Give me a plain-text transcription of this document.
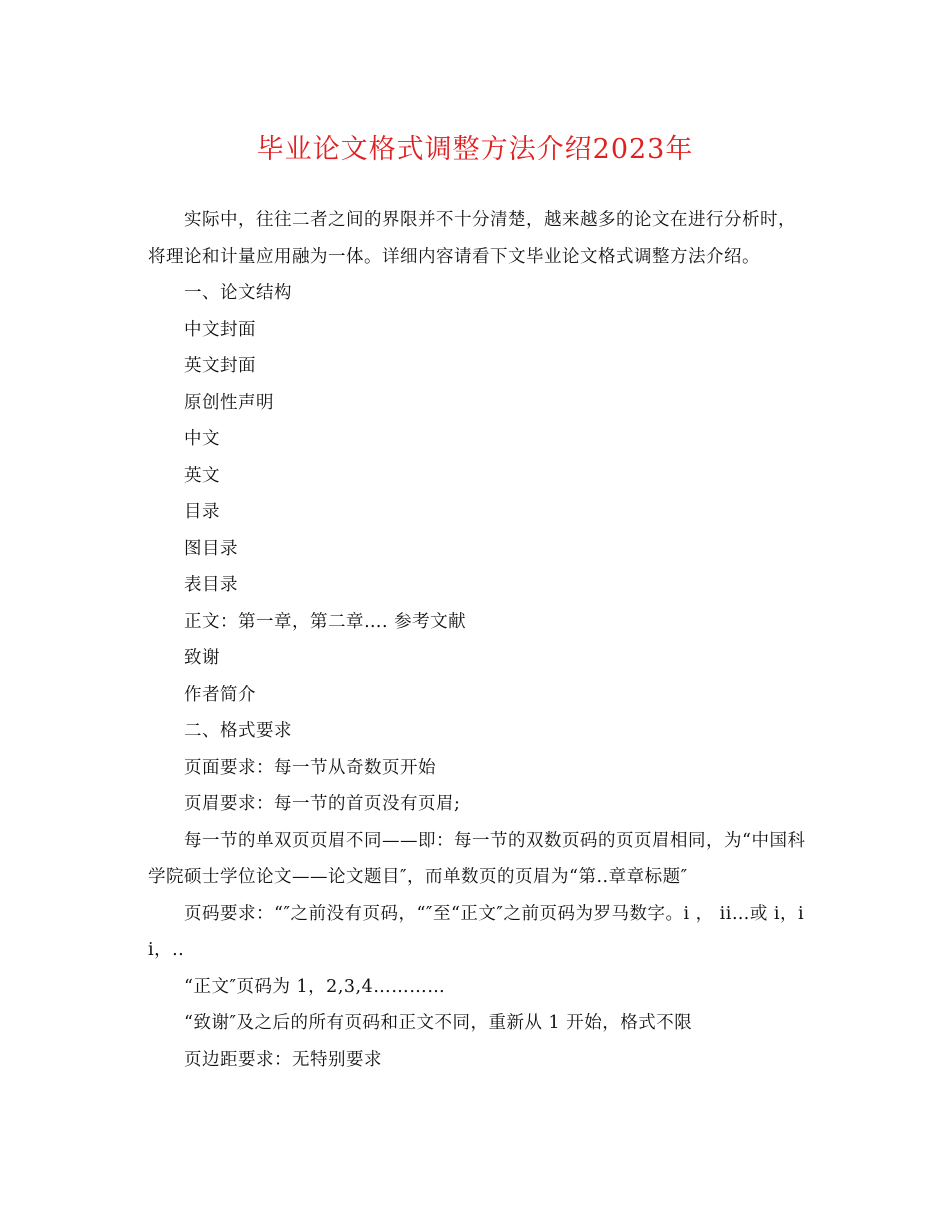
毕业论文格式调整方法介绍2023年

实际中，往往二者之间的界限并不十分清楚，越来越多的论文在进行分析时，将理论和计量应用融为一体。详细内容请看下文毕业论文格式调整方法介绍。

一、论文结构

中文封面

英文封面

原创性声明

中文

英文

目录

图目录

表目录

正文：第一章，第二章…. 参考文献

致谢

作者简介

二、格式要求

页面要求：每一节从奇数页开始

页眉要求：每一节的首页没有页眉;

每一节的单双页页眉不同——即：每一节的双数页码的页页眉相同，为“中国科学院硕士学位论文——论文题目″，而单数页的页眉为“第..章章标题″

页码要求：“″之前没有页码，“″至“正文″之前页码为罗马数字。i ， ii…或 i，ii，..

“正文″页码为 1，2,3,4…………

“致谢″及之后的所有页码和正文不同，重新从 1 开始，格式不限

页边距要求：无特别要求
